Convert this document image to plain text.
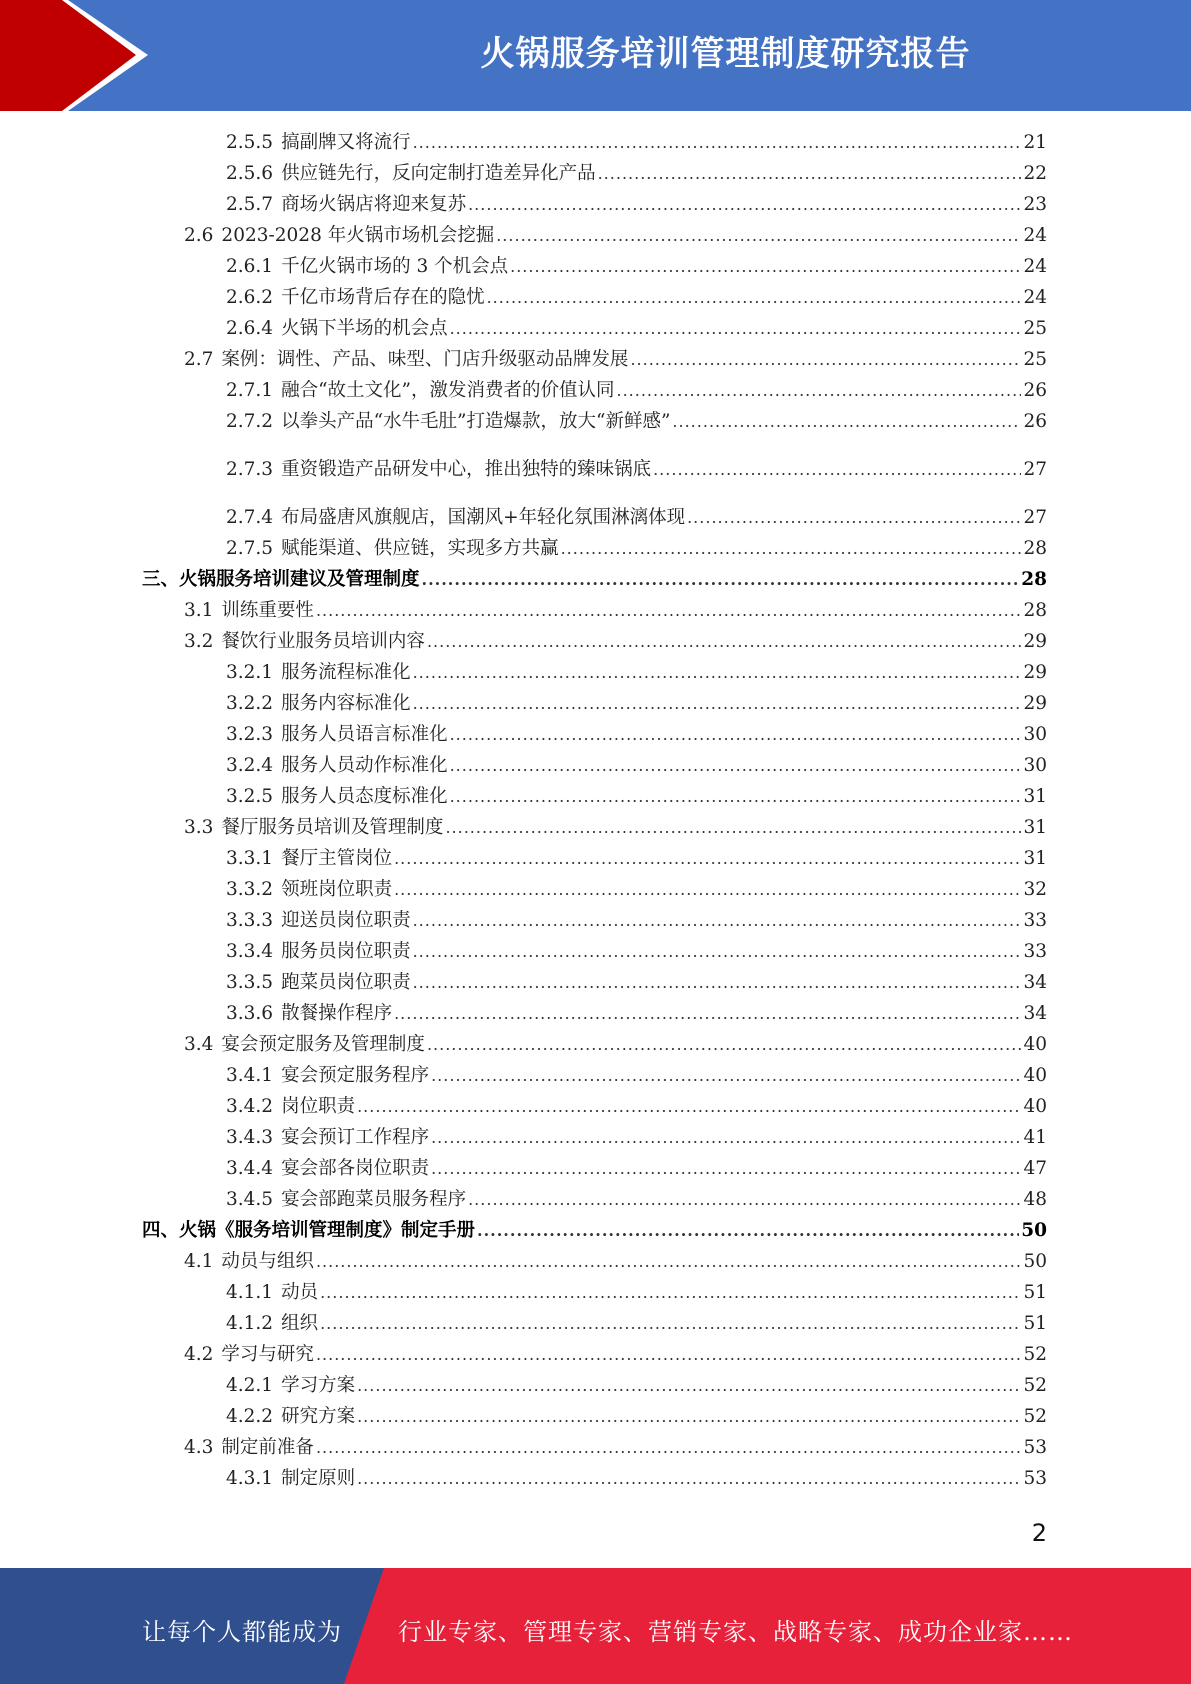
火锅服务培训管理制度研究报告
2.5.5 搞副牌又将流行 .....	21
2.5.6 供应链先行，反向定制打造差异化产品 .....	22
2.5.7 商场火锅店将迎来复苏 .....	23
2.6 2023-2028 年火锅市场机会挖掘 .....	24
2.6.1 千亿火锅市场的 3 个机会点 .....	24
2.6.2 千亿市场背后存在的隐忧 .....	24
2.6.4 火锅下半场的机会点 .....	25
2.7 案例：调性、产品、味型、门店升级驱动品牌发展 .....	25
2.7.1 融合“故土文化”，激发消费者的价值认同 .....	26
2.7.2 以拳头产品“水牛毛肚”打造爆款，放大“新鲜感” .....	26
2.7.3 重资锻造产品研发中心，推出独特的臻味锅底 .....	27
2.7.4 布局盛唐风旗舰店，国潮风+年轻化氛围淋漓体现 .....	27
2.7.5 赋能渠道、供应链，实现多方共赢 .....	28
三、火锅服务培训建议及管理制度 .....	28
3.1 训练重要性 .....	28
3.2 餐饮行业服务员培训内容 .....	29
3.2.1 服务流程标准化 .....	29
3.2.2 服务内容标准化 .....	29
3.2.3 服务人员语言标准化 .....	30
3.2.4 服务人员动作标准化 .....	30
3.2.5 服务人员态度标准化 .....	31
3.3 餐厅服务员培训及管理制度 .....	31
3.3.1 餐厅主管岗位 .....	31
3.3.2 领班岗位职责 .....	32
3.3.3 迎送员岗位职责 .....	33
3.3.4 服务员岗位职责 .....	33
3.3.5 跑菜员岗位职责 .....	34
3.3.6 散餐操作程序 .....	34
3.4 宴会预定服务及管理制度 .....	40
3.4.1 宴会预定服务程序 .....	40
3.4.2 岗位职责 .....	40
3.4.3 宴会预订工作程序 .....	41
3.4.4 宴会部各岗位职责 .....	47
3.4.5 宴会部跑菜员服务程序 .....	48
四、火锅《服务培训管理制度》制定手册 .....	50
4.1 动员与组织 .....	50
4.1.1 动员 .....	51
4.1.2 组织 .....	51
4.2 学习与研究 .....	52
4.2.1 学习方案 .....	52
4.2.2 研究方案 .....	52
4.3 制定前准备 .....	53
4.3.1 制定原则 .....	53
2
让每个人都能成为 行业专家、管理专家、营销专家、战略专家、成功企业家……
